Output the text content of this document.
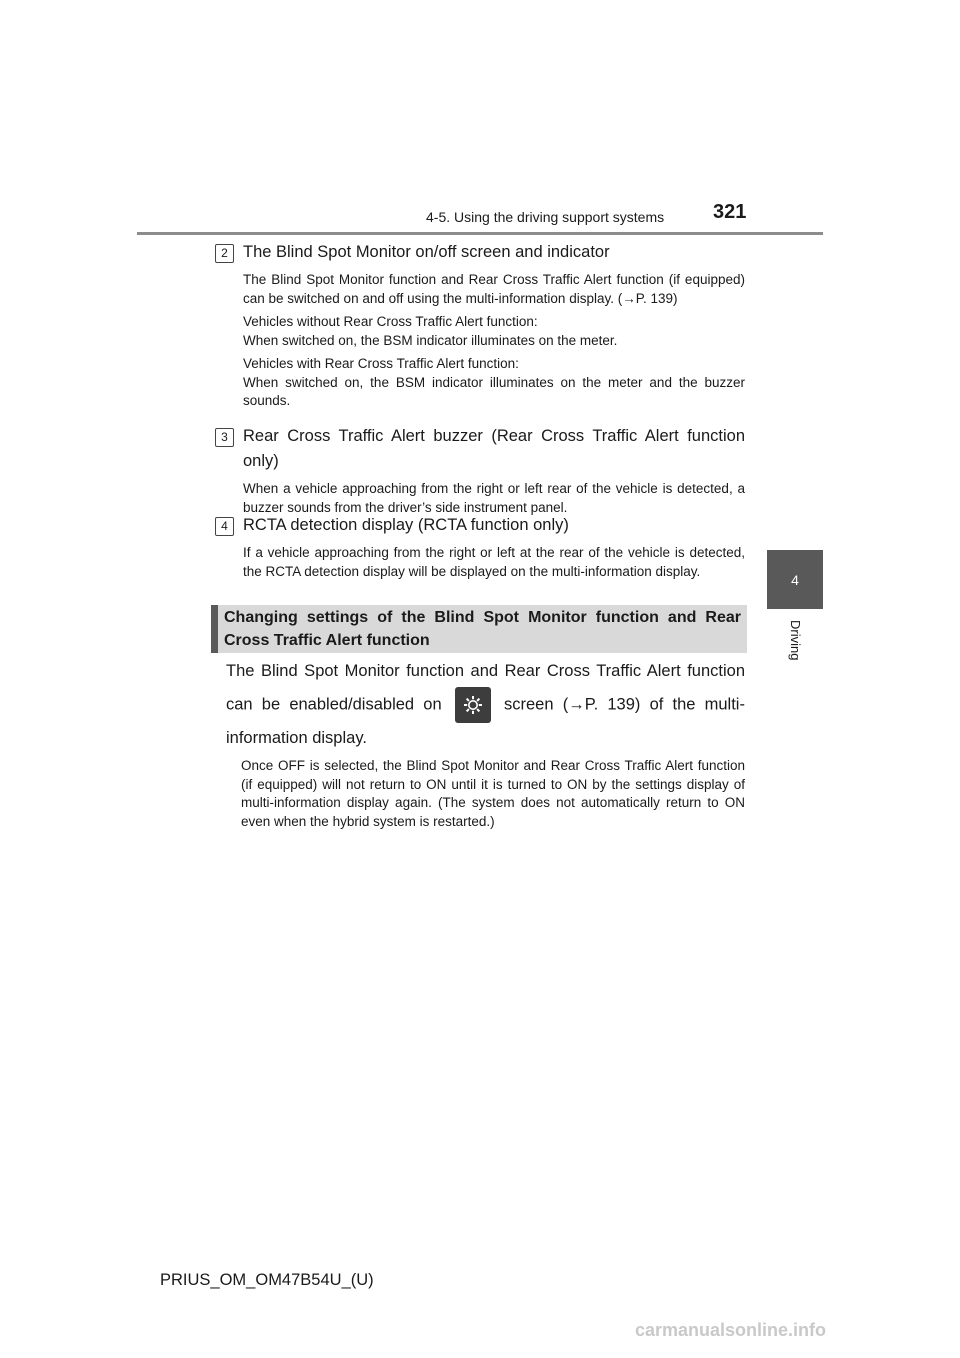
4-5. Using the driving support systems 321
4
Driving
2 The Blind Spot Monitor on/off screen and indicator

The Blind Spot Monitor function and Rear Cross Traffic Alert function (if equipped) can be switched on and off using the multi-information display. (→P. 139)

Vehicles without Rear Cross Traffic Alert function:

When switched on, the BSM indicator illuminates on the meter.

Vehicles with Rear Cross Traffic Alert function:

When switched on, the BSM indicator illuminates on the meter and the buzzer sounds.

3 Rear Cross Traffic Alert buzzer (Rear Cross Traffic Alert function only)

When a vehicle approaching from the right or left rear of the vehicle is detected, a buzzer sounds from the driver’s side instrument panel.

4 RCTA detection display (RCTA function only)

If a vehicle approaching from the right or left at the rear of the vehicle is detected, the RCTA detection display will be displayed on the multi-information display.

Changing settings of the Blind Spot Monitor function and Rear Cross Traffic Alert function
The Blind Spot Monitor function and Rear Cross Traffic Alert function can be enabled/disabled on	screen (→P. 139) of the multi-information display.
Once OFF is selected, the Blind Spot Monitor and Rear Cross Traffic Alert function (if equipped) will not return to ON until it is turned to ON by the settings display of multi-information display again. (The system does not automatically return to ON even when the hybrid system is restarted.)
PRIUS_OM_OM47B54U_(U)
carmanualsonline.info
